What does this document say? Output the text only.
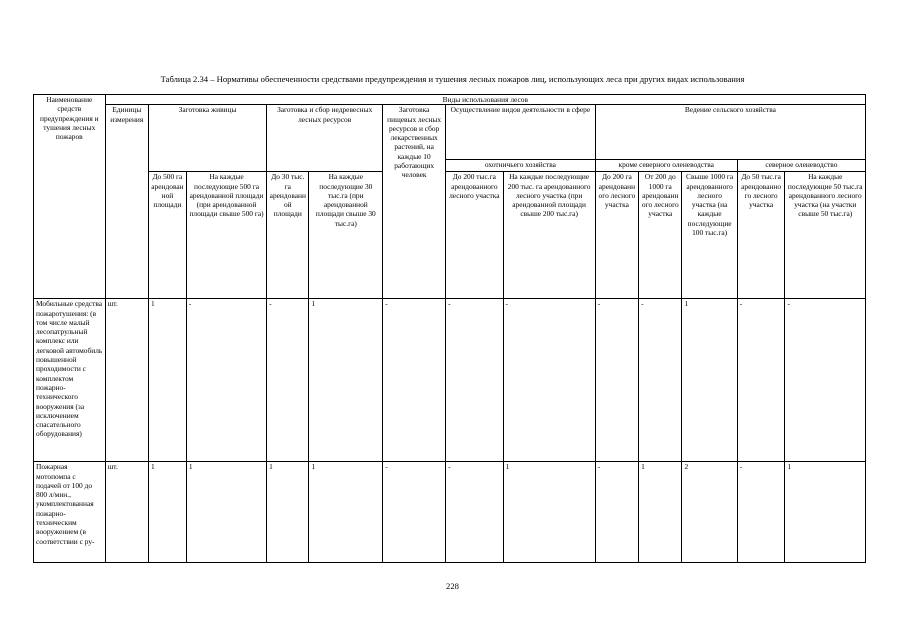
Таблица 2.34 – Нормативы обеспеченности средствами предупреждения и тушения лесных пожаров лиц, использующих леса при других видах использования
Наименование средств предупреждения и тушения лесных пожаров	Виды использования лесов												
	Единицы измерения	Заготовка живицы		Заготовка и сбор недревесных лесных ресурсов		Заготовка пищевых лесных ресурсов и сбор лекарственных растений, на каждые 10 работающих человек	Осуществление видов деятельности в сфере		Ведение сельского хозяйства				
							охотничьего хозяйства		кроме северного оленеводства			северное оленеводство	
		До 500 га арендованной площади	На каждые последующие 500 га арендованной площади (при арендованной площади свыше 500 га)	До 30 тыс. га арендованной площади	На каждые последующие 30 тыс.га (при арендованной площади свыше 30 тыс.га)		До 200 тыс.га арендованного лесного участка	На каждые последующие 200 тыс. га арендованного лесного участка (при арендованной площади свыше 200 тыс.га)	До 200 га арендованного лесного участка	От 200 до 1000 га арендованного лесного участка	Свыше 1000 га арендованного лесного участка (на каждые последующие 100 тыс.га)	До 50 тыс.га арендованного лесного участка	На каждые последующие 50 тыс.га арендованного лесного участка (на участки свыше 50 тыс.га)
Мобильные средства пожаротушения: (в том числе малый лесопатрульный комплекс или легковой автомобиль повышенной проходимости с комплектом пожарно-технического вооружения (за исключением спасательного оборудования)	шт.	1	-	-	1	-	-	-	-	-	1	-	-
Пожарная мотопомпа с подачей от 100 до 800 л/мин., укомплектованная пожарно-техническим вооружением (в соответствии с ру-	шт.	1	1	1	1	-	-	1	-	1	2	-	1
228
